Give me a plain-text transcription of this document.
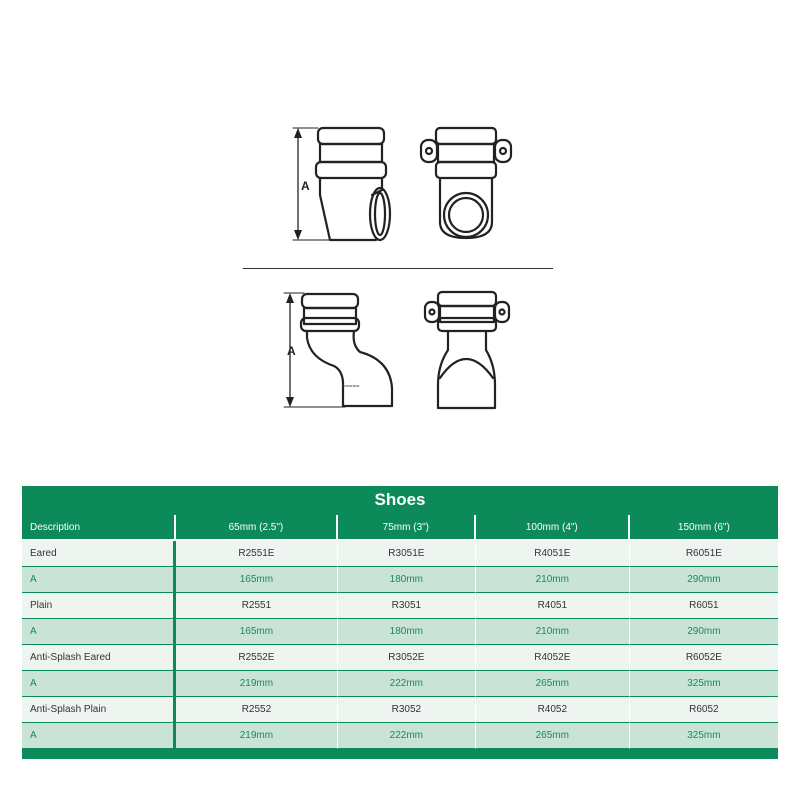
A
A
=====
Shoes
Description	65mm (2.5")	75mm (3")	100mm (4")	150mm (6")
Eared	R2551E	R3051E	R4051E	R6051E
A	165mm	180mm	210mm	290mm
Plain	R2551	R3051	R4051	R6051
A	165mm	180mm	210mm	290mm
Anti-Splash Eared	R2552E	R3052E	R4052E	R6052E
A	219mm	222mm	265mm	325mm
Anti-Splash Plain	R2552	R3052	R4052	R6052
A	219mm	222mm	265mm	325mm
